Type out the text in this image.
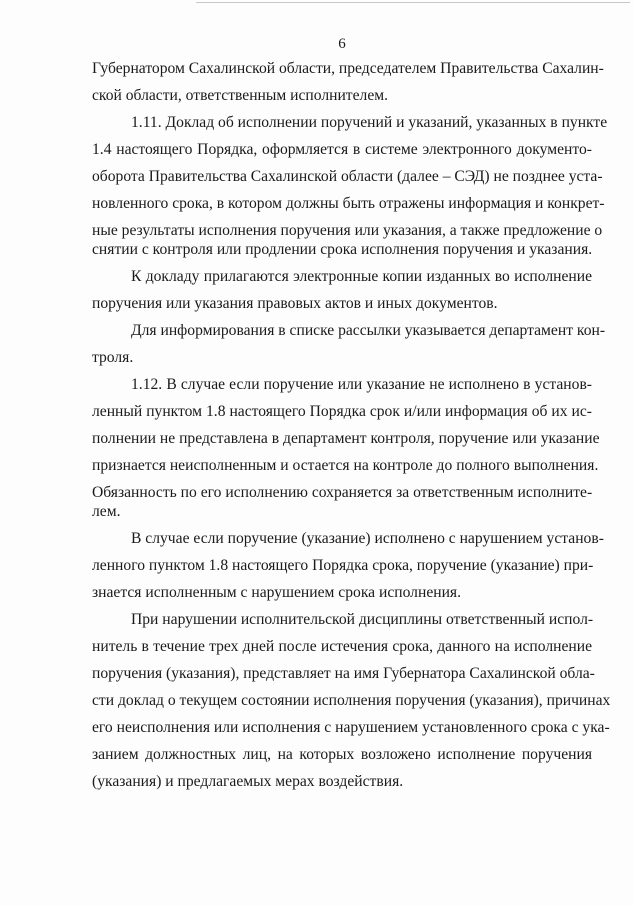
6
Губернатором Сахалинской области, председателем Правительства Сахалин-
ской области, ответственным исполнителем.
1.11. Доклад об исполнении поручений и указаний, указанных в пункте
1.4 настоящего Порядка, оформляется в системе электронного документо-
оборота Правительства Сахалинской области (далее – СЭД) не позднее уста-
новленного срока, в котором должны быть отражены информация и конкрет-
ные результаты исполнения поручения или указания, а также предложение о
снятии с контроля или продлении срока исполнения поручения и указания.
К докладу прилагаются электронные копии изданных во исполнение
поручения или указания правовых актов и иных документов.
Для информирования в списке рассылки указывается департамент кон-
троля.
1.12. В случае если поручение или указание не исполнено в установ-
ленный пунктом 1.8 настоящего Порядка срок и/или информация об их ис-
полнении не представлена в департамент контроля, поручение или указание
признается неисполненным и остается на контроле до полного выполнения.
Обязанность по его исполнению сохраняется за ответственным исполните-
лем.
В случае если поручение (указание) исполнено с нарушением установ-
ленного пунктом 1.8 настоящего Порядка срока, поручение (указание) при-
знается исполненным с нарушением срока исполнения.
При нарушении исполнительской дисциплины ответственный испол-
нитель в течение трех дней после истечения срока, данного на исполнение
поручения (указания), представляет на имя Губернатора Сахалинской обла-
сти доклад о текущем состоянии исполнения поручения (указания), причинах
его неисполнения или исполнения с нарушением установленного срока с ука-
занием должностных лиц, на которых возложено исполнение поручения
(указания) и предлагаемых мерах воздействия.
